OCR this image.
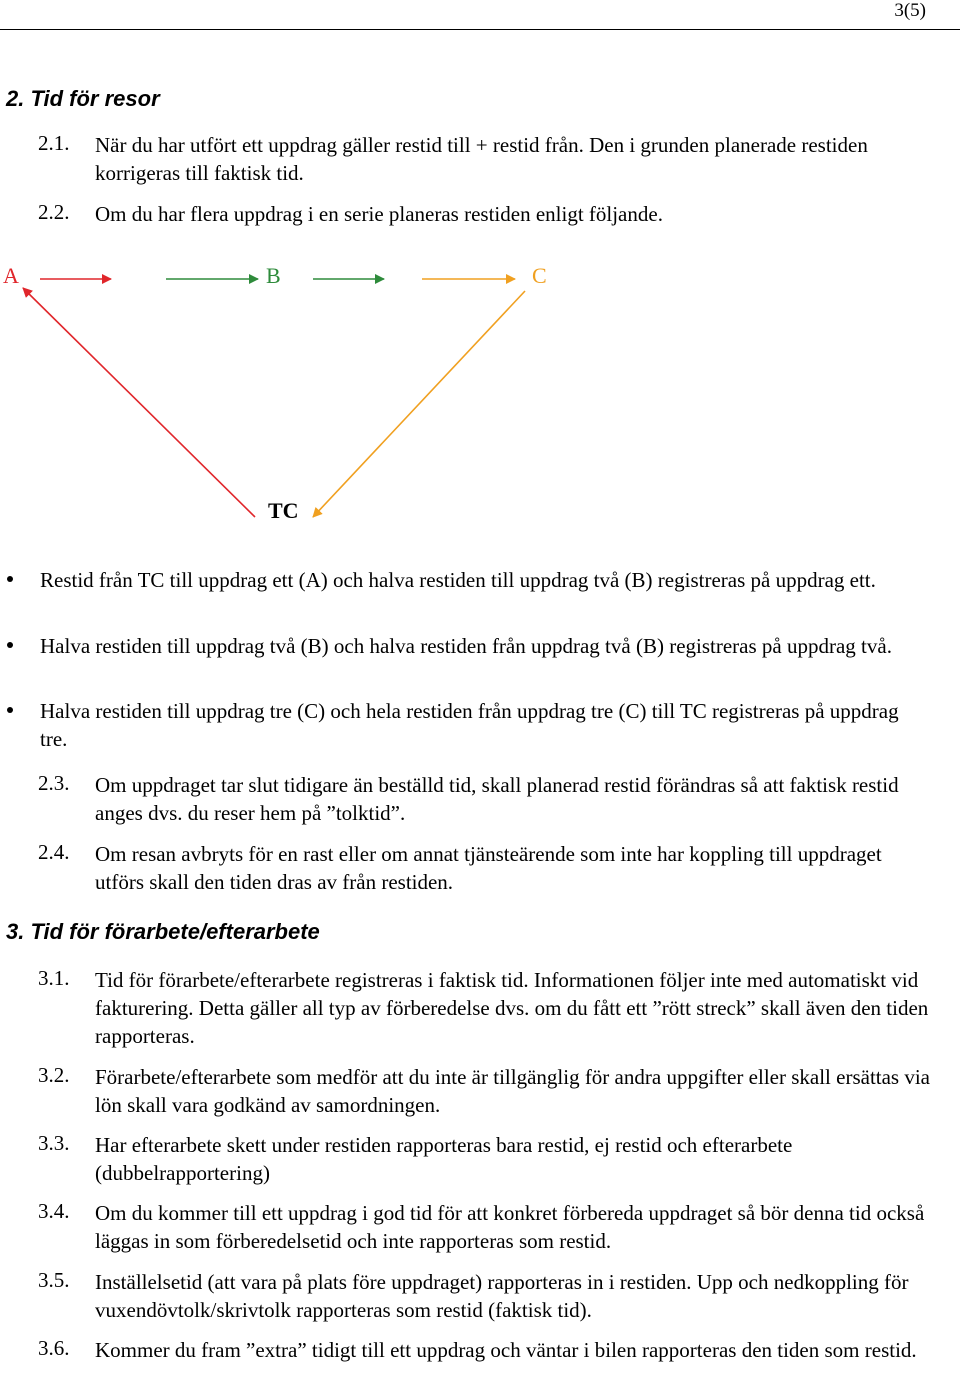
3(5)
2. Tid för resor
2.1. När du har utfört ett uppdrag gäller restid till + restid från. Den i grunden planerade restiden korrigeras till faktisk tid.
2.2. Om du har flera uppdrag i en serie planeras restiden enligt följande.
A	B	C
TC
Restid från TC till uppdrag ett (A) och halva restiden till uppdrag två (B) registreras på uppdrag ett.
Halva restiden till uppdrag två (B) och halva restiden från uppdrag två (B) registreras på uppdrag två.
Halva restiden till uppdrag tre (C) och hela restiden från uppdrag tre (C) till TC registreras på uppdrag tre.
2.3. Om uppdraget tar slut tidigare än beställd tid, skall planerad restid förändras så att faktisk restid anges dvs. du reser hem på ”tolktid”.
2.4. Om resan avbryts för en rast eller om annat tjänsteärende som inte har koppling till uppdraget utförs skall den tiden dras av från restiden.
3. Tid för förarbete/efterarbete
3.1. Tid för förarbete/efterarbete registreras i faktisk tid. Informationen följer inte med automatiskt vid fakturering. Detta gäller all typ av förberedelse dvs. om du fått ett ”rött streck” skall även den tiden rapporteras.
3.2. Förarbete/efterarbete som medför att du inte är tillgänglig för andra uppgifter eller skall ersättas via lön skall vara godkänd av samordningen.
3.3. Har efterarbete skett under restiden rapporteras bara restid, ej restid och efterarbete (dubbelrapportering)
3.4. Om du kommer till ett uppdrag i god tid för att konkret förbereda uppdraget så bör denna tid också läggas in som förberedelsetid och inte rapporteras som restid.
3.5. Inställelsetid (att vara på plats före uppdraget) rapporteras in i restiden. Upp och nedkoppling för vuxendövtolk/skrivtolk rapporteras som restid (faktisk tid).
3.6. Kommer du fram ”extra” tidigt till ett uppdrag och väntar i bilen rapporteras den tiden som restid.
